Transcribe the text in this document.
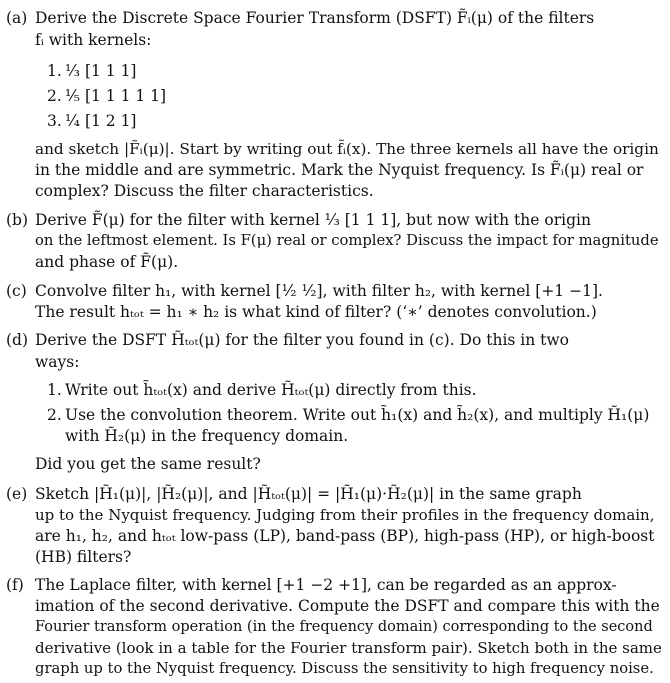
(a) Derive the Discrete Space Fourier Transform (DSFT) F̃ᵢ(μ) of the filters
fᵢ with kernels:
1. ¹⁄₃ [1 1 1]
2. ¹⁄₅ [1 1 1 1 1]
3. ¹⁄₄ [1 2 1]
and sketch |F̃ᵢ(μ)|. Start by writing out f̃ᵢ(x). The three kernels all have the origin
in the middle and are symmetric. Mark the Nyquist frequency. Is F̃ᵢ(μ) real or
complex? Discuss the filter characteristics.
(b) Derive F̃(μ) for the filter with kernel ¹⁄₃ [1 1 1], but now with the origin
on the leftmost element. Is F(μ) real or complex? Discuss the impact for magnitude
and phase of F̃(μ).
(c) Convolve filter h₁, with kernel [¹⁄₂ ¹⁄₂], with filter h₂, with kernel [+1 −1].
The result hₜₒₜ = h₁ ∗ h₂ is what kind of filter? (‘∗’ denotes convolution.)
(d) Derive the DSFT H̃ₜₒₜ(μ) for the filter you found in (c). Do this in two
ways:
1. Write out h̃ₜₒₜ(x) and derive H̃ₜₒₜ(μ) directly from this.
2. Use the convolution theorem. Write out h̃₁(x) and h̃₂(x), and multiply H̃₁(μ)
with H̃₂(μ) in the frequency domain.
Did you get the same result?
(e) Sketch |H̃₁(μ)|, |H̃₂(μ)|, and |H̃ₜₒₜ(μ)| = |H̃₁(μ)·H̃₂(μ)| in the same graph
up to the Nyquist frequency. Judging from their profiles in the frequency domain,
are h₁, h₂, and hₜₒₜ low-pass (LP), band-pass (BP), high-pass (HP), or high-boost
(HB) filters?
(f) The Laplace filter, with kernel [+1 −2 +1], can be regarded as an approx-
imation of the second derivative. Compute the DSFT and compare this with the
Fourier transform operation (in the frequency domain) corresponding to the second
derivative (look in a table for the Fourier transform pair). Sketch both in the same
graph up to the Nyquist frequency. Discuss the sensitivity to high frequency noise.
